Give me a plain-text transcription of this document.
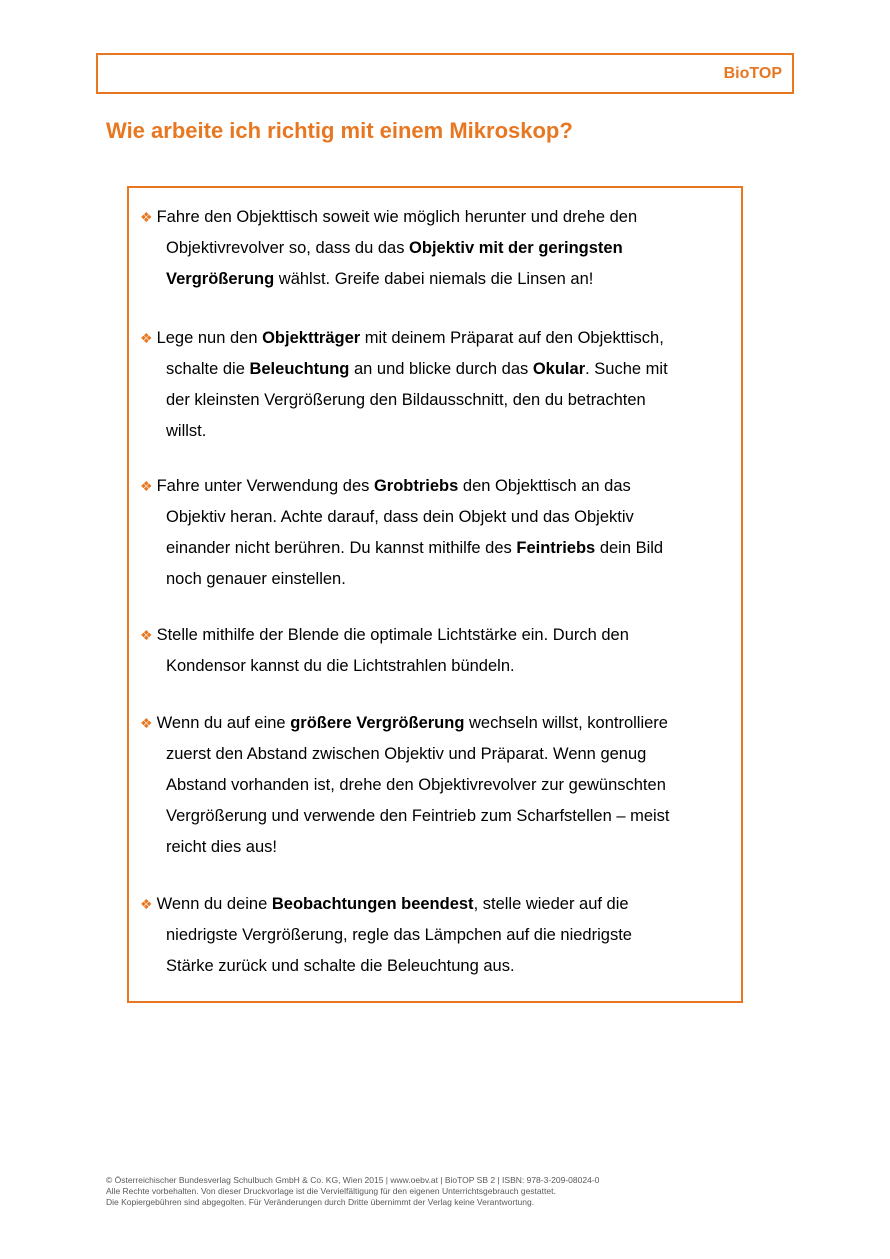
BioTOP
Wie arbeite ich richtig mit einem Mikroskop?
❖ Fahre den Objekttisch soweit wie möglich herunter und drehe den
Objektivrevolver so, dass du das Objektiv mit der geringsten
Vergrößerung wählst. Greife dabei niemals die Linsen an!
❖ Lege nun den Objektträger mit deinem Präparat auf den Objekttisch,
schalte die Beleuchtung an und blicke durch das Okular. Suche mit
der kleinsten Vergrößerung den Bildausschnitt, den du betrachten
willst.
❖ Fahre unter Verwendung des Grobtriebs den Objekttisch an das
Objektiv heran. Achte darauf, dass dein Objekt und das Objektiv
einander nicht berühren. Du kannst mithilfe des Feintriebs dein Bild
noch genauer einstellen.
❖ Stelle mithilfe der Blende die optimale Lichtstärke ein. Durch den
Kondensor kannst du die Lichtstrahlen bündeln.
❖ Wenn du auf eine größere Vergrößerung wechseln willst, kontrolliere
zuerst den Abstand zwischen Objektiv und Präparat. Wenn genug
Abstand vorhanden ist, drehe den Objektivrevolver zur gewünschten
Vergrößerung und verwende den Feintrieb zum Scharfstellen – meist
reicht dies aus!
❖ Wenn du deine Beobachtungen beendest, stelle wieder auf die
niedrigste Vergrößerung, regle das Lämpchen auf die niedrigste
Stärke zurück und schalte die Beleuchtung aus.
© Österreichischer Bundesverlag Schulbuch GmbH & Co. KG, Wien 2015 | www.oebv.at | BioTOP SB 2 | ISBN: 978-3-209-08024-0
Alle Rechte vorbehalten. Von dieser Druckvorlage ist die Vervielfältigung für den eigenen Unterrichtsgebrauch gestattet.
Die Kopiergebühren sind abgegolten. Für Veränderungen durch Dritte übernimmt der Verlag keine Verantwortung.
